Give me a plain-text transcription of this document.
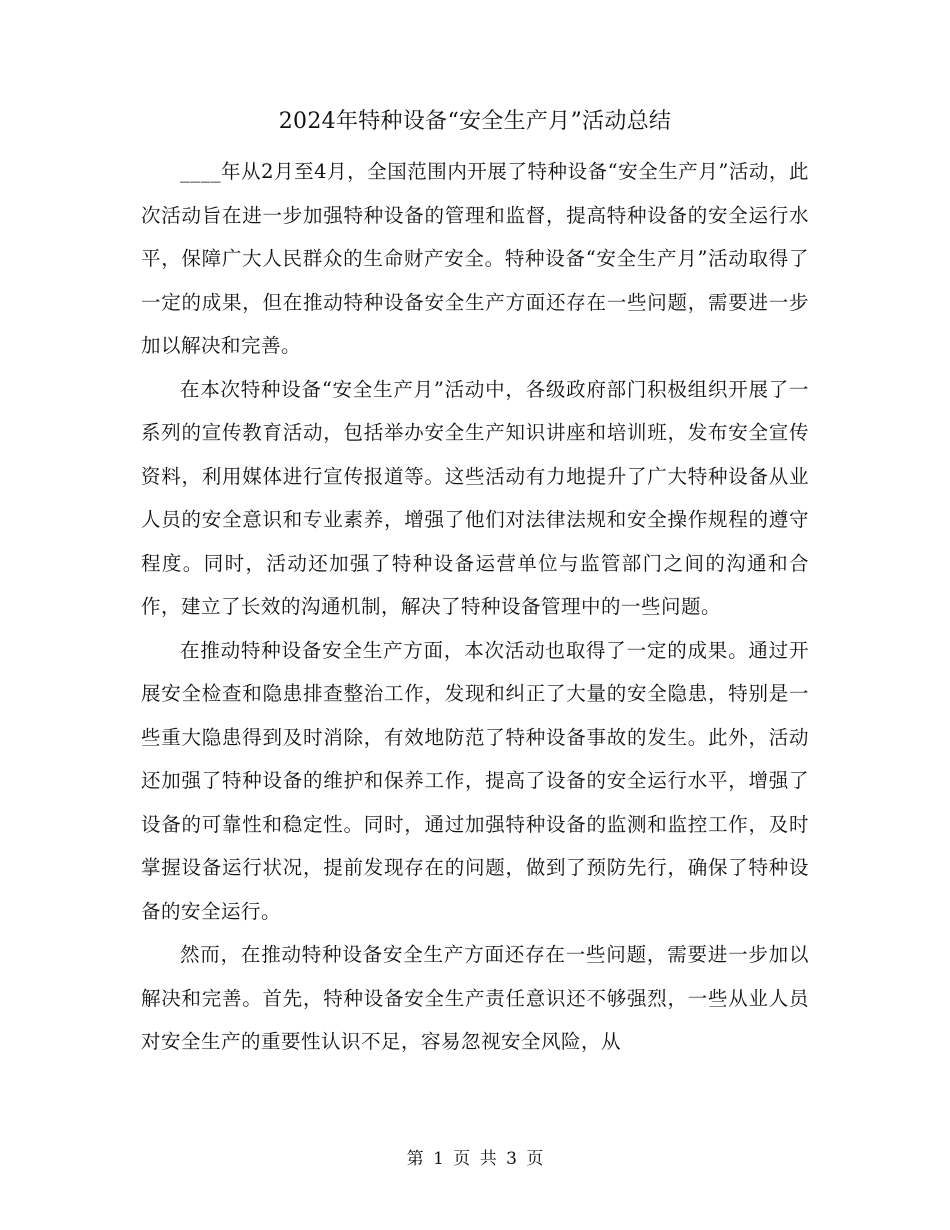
2024年特种设备“安全生产月”活动总结

____年从2月至4月，全国范围内开展了特种设备“安全生产月”活动，此次活动旨在进一步加强特种设备的管理和监督，提高特种设备的安全运行水平，保障广大人民群众的生命财产安全。特种设备“安全生产月”活动取得了一定的成果，但在推动特种设备安全生产方面还存在一些问题，需要进一步加以解决和完善。

在本次特种设备“安全生产月”活动中，各级政府部门积极组织开展了一系列的宣传教育活动，包括举办安全生产知识讲座和培训班，发布安全宣传资料，利用媒体进行宣传报道等。这些活动有力地提升了广大特种设备从业人员的安全意识和专业素养，增强了他们对法律法规和安全操作规程的遵守程度。同时，活动还加强了特种设备运营单位与监管部门之间的沟通和合作，建立了长效的沟通机制，解决了特种设备管理中的一些问题。

在推动特种设备安全生产方面，本次活动也取得了一定的成果。通过开展安全检查和隐患排查整治工作，发现和纠正了大量的安全隐患，特别是一些重大隐患得到及时消除，有效地防范了特种设备事故的发生。此外，活动还加强了特种设备的维护和保养工作，提高了设备的安全运行水平，增强了设备的可靠性和稳定性。同时，通过加强特种设备的监测和监控工作，及时掌握设备运行状况，提前发现存在的问题，做到了预防先行，确保了特种设备的安全运行。

然而，在推动特种设备安全生产方面还存在一些问题，需要进一步加以解决和完善。首先，特种设备安全生产责任意识还不够强烈，一些从业人员对安全生产的重要性认识不足，容易忽视安全风险，从

第 1 页 共 3 页
